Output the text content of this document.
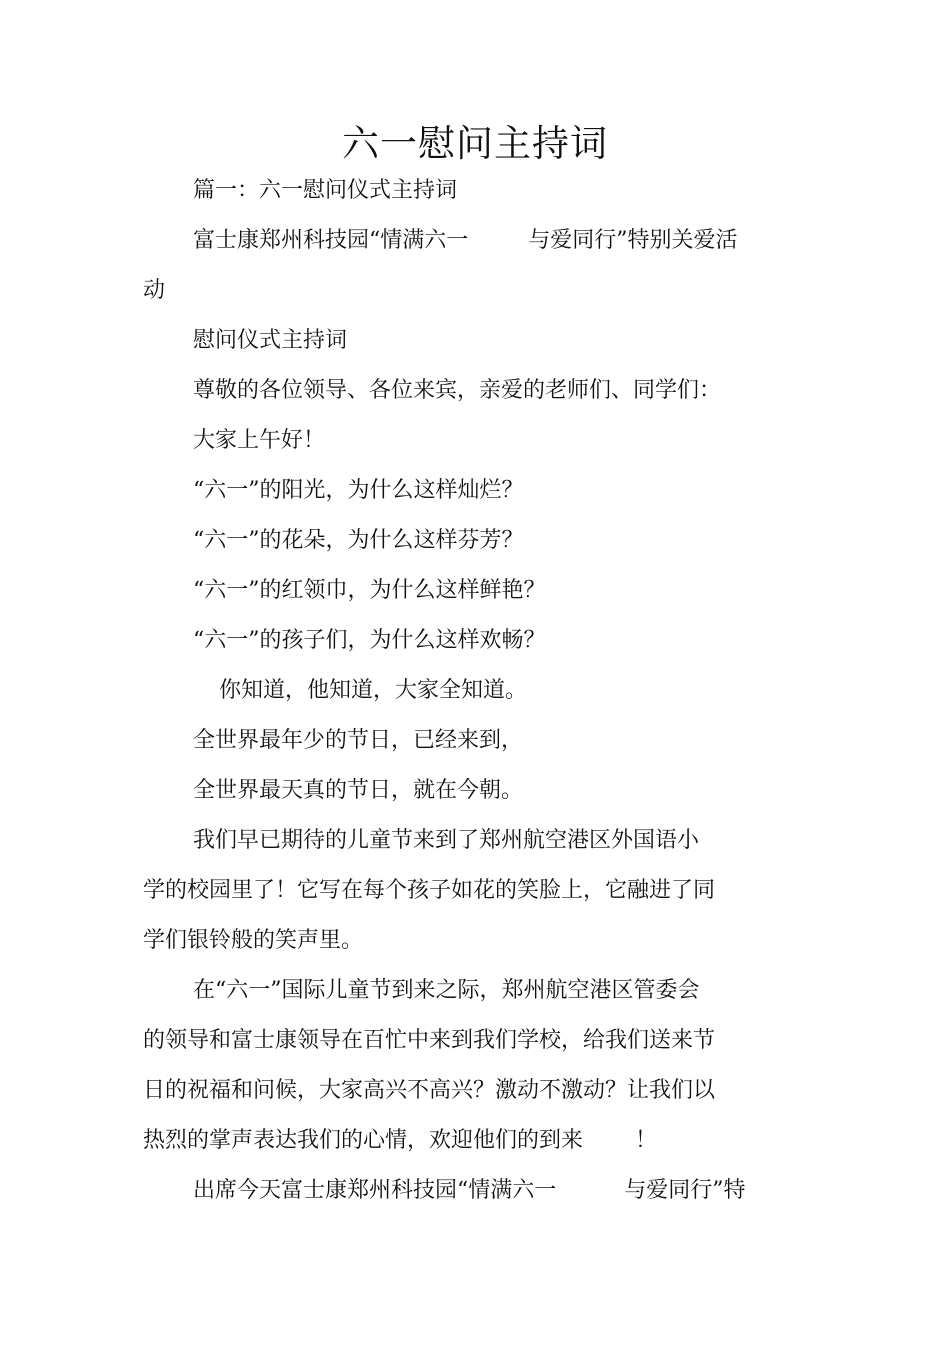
六一慰问主持词
篇一：六一慰问仪式主持词
富士康郑州科技园“情满六一	与爱同行”特别关爱活
动
慰问仪式主持词
尊敬的各位领导、各位来宾，亲爱的老师们、同学们：
大家上午好！
“六一”的阳光，为什么这样灿烂？
“六一”的花朵，为什么这样芬芳？
“六一”的红领巾，为什么这样鲜艳？
“六一”的孩子们，为什么这样欢畅？
你知道，他知道，大家全知道。
全世界最年少的节日，已经来到，
全世界最天真的节日，就在今朝。
我们早已期待的儿童节来到了郑州航空港区外国语小
学的校园里了！它写在每个孩子如花的笑脸上，它融进了同
学们银铃般的笑声里。
在“六一”国际儿童节到来之际，郑州航空港区管委会
的领导和富士康领导在百忙中来到我们学校，给我们送来节
日的祝福和问候，大家高兴不高兴？激动不激动？让我们以
热烈的掌声表达我们的心情，欢迎他们的到来 ！
出席今天富士康郑州科技园“情满六一	与爱同行”特
